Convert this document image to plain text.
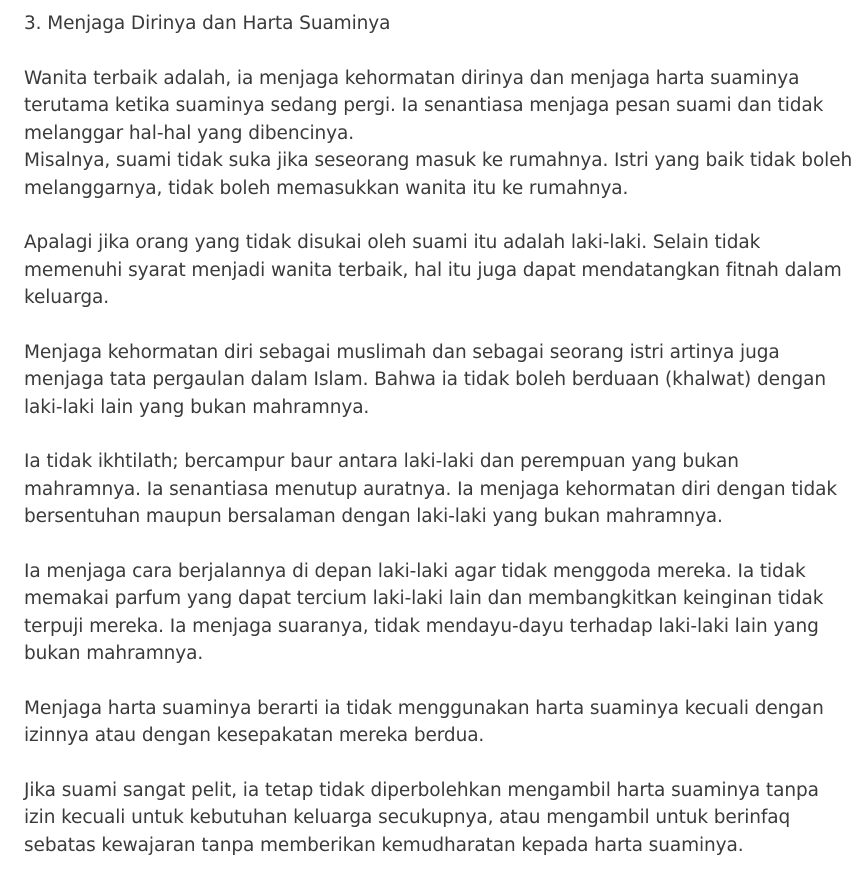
3. Menjaga Dirinya dan Harta Suaminya
Wanita terbaik adalah, ia menjaga kehormatan dirinya dan menjaga harta suaminya
terutama ketika suaminya sedang pergi. Ia senantiasa menjaga pesan suami dan tidak
melanggar hal-hal yang dibencinya.
Misalnya, suami tidak suka jika seseorang masuk ke rumahnya. Istri yang baik tidak boleh
melanggarnya, tidak boleh memasukkan wanita itu ke rumahnya.
Apalagi jika orang yang tidak disukai oleh suami itu adalah laki-laki. Selain tidak
memenuhi syarat menjadi wanita terbaik, hal itu juga dapat mendatangkan fitnah dalam
keluarga.
Menjaga kehormatan diri sebagai muslimah dan sebagai seorang istri artinya juga
menjaga tata pergaulan dalam Islam. Bahwa ia tidak boleh berduaan (khalwat) dengan
laki-laki lain yang bukan mahramnya.
Ia tidak ikhtilath; bercampur baur antara laki-laki dan perempuan yang bukan
mahramnya. Ia senantiasa menutup auratnya. Ia menjaga kehormatan diri dengan tidak
bersentuhan maupun bersalaman dengan laki-laki yang bukan mahramnya.
Ia menjaga cara berjalannya di depan laki-laki agar tidak menggoda mereka. Ia tidak
memakai parfum yang dapat tercium laki-laki lain dan membangkitkan keinginan tidak
terpuji mereka. Ia menjaga suaranya, tidak mendayu-dayu terhadap laki-laki lain yang
bukan mahramnya.
Menjaga harta suaminya berarti ia tidak menggunakan harta suaminya kecuali dengan
izinnya atau dengan kesepakatan mereka berdua.
Jika suami sangat pelit, ia tetap tidak diperbolehkan mengambil harta suaminya tanpa
izin kecuali untuk kebutuhan keluarga secukupnya, atau mengambil untuk berinfaq
sebatas kewajaran tanpa memberikan kemudharatan kepada harta suaminya.
